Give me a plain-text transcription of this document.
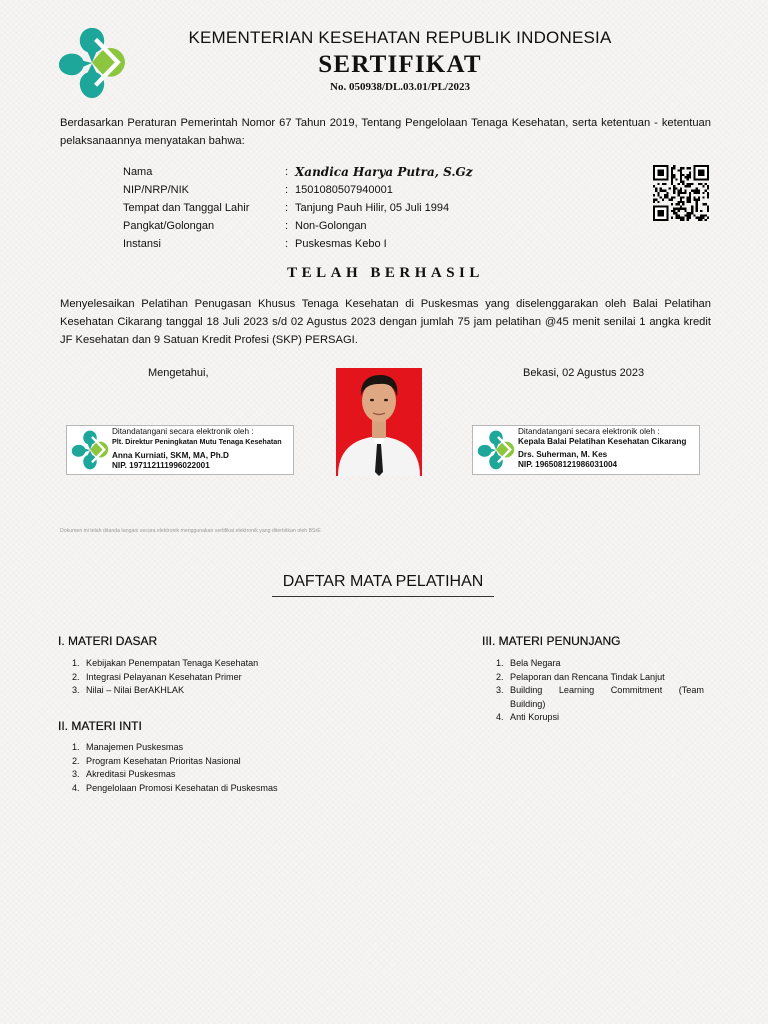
KEMENTERIAN KESEHATAN REPUBLIK INDONESIA
SERTIFIKAT
No. 050938/DL.03.01/PL/2023
Berdasarkan Peraturan Pemerintah Nomor 67 Tahun 2019, Tentang Pengelolaan Tenaga Kesehatan, serta ketentuan - ketentuan pelaksanaannya menyatakan bahwa:
Nama	: Xandica Harya Putra, S.Gz
NIP/NRP/NIK	: 1501080507940001
Tempat dan Tanggal Lahir	: Tanjung Pauh Hilir, 05 Juli 1994
Pangkat/Golongan	: Non-Golongan
Instansi	: Puskesmas Kebo I
TELAH BERHASIL
Menyelesaikan Pelatihan Penugasan Khusus Tenaga Kesehatan di Puskesmas yang diselenggarakan oleh Balai Pelatihan Kesehatan Cikarang tanggal 18 Juli 2023 s/d 02 Agustus 2023 dengan jumlah 75 jam pelatihan @45 menit senilai 1 angka kredit JF Kesehatan dan 9 Satuan Kredit Profesi (SKP) PERSAGI.
Mengetahui,	Bekasi, 02 Agustus 2023
Ditandatangani secara elektronik oleh :
Plt. Direktur Peningkatan Mutu Tenaga Kesehatan
Anna Kurniati, SKM, MA, Ph.D
NIP. 197112111996022001
Ditandatangani secara elektronik oleh :
Kepala Balai Pelatihan Kesehatan Cikarang
Drs. Suherman, M. Kes
NIP. 196508121986031004
Dokumen ini telah ditanda tangani secara elektronik menggunakan sertifikat elektronik yang diterbitkan oleh BSrE
DAFTAR MATA PELATIHAN
I. MATERI DASAR
1. Kebijakan Penempatan Tenaga Kesehatan
2. Integrasi Pelayanan Kesehatan Primer
3. Nilai – Nilai BerAKHLAK
II. MATERI INTI
1. Manajemen Puskesmas
2. Program Kesehatan Prioritas Nasional
3. Akreditasi Puskesmas
4. Pengelolaan Promosi Kesehatan di Puskesmas
III. MATERI PENUNJANG
1. Bela Negara
2. Pelaporan dan Rencana Tindak Lanjut
3. Building Learning Commitment (Team Building)
4. Anti Korupsi
